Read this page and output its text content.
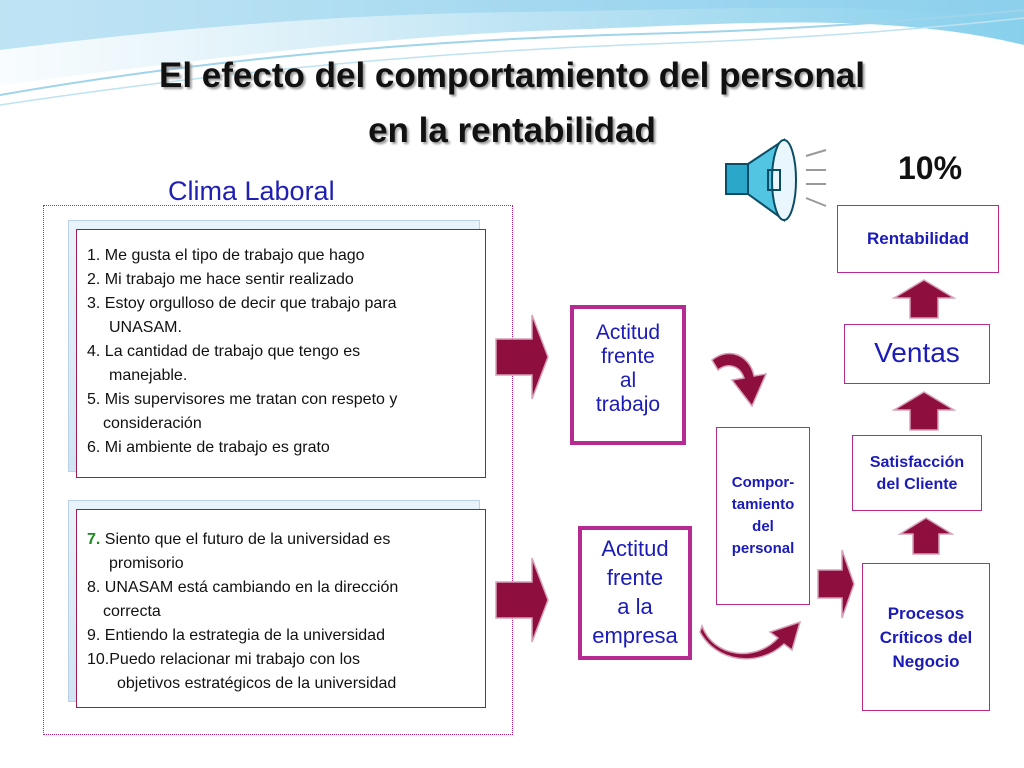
El efecto del comportamiento del personal
en la rentabilidad
Clima Laboral
10%
1. Me gusta el tipo de trabajo que hago
2. Mi trabajo me hace sentir realizado
3. Estoy orgulloso de decir que trabajo para
UNASAM.
4. La cantidad de trabajo que tengo es
manejable.
5. Mis supervisores me tratan con respeto y
consideración
6. Mi ambiente de trabajo es grato
7. Siento que el futuro de la universidad es
promisorio
8. UNASAM está cambiando en la dirección
correcta
9. Entiendo la estrategia de la universidad
10.Puedo relacionar mi trabajo con los
objetivos estratégicos de la universidad
Actitud
frente
al
trabajo
Actitud
frente
a la
empresa
Compor-
tamiento
del
personal
Rentabilidad
Ventas
Satisfacción
del Cliente
Procesos
Críticos del
Negocio
